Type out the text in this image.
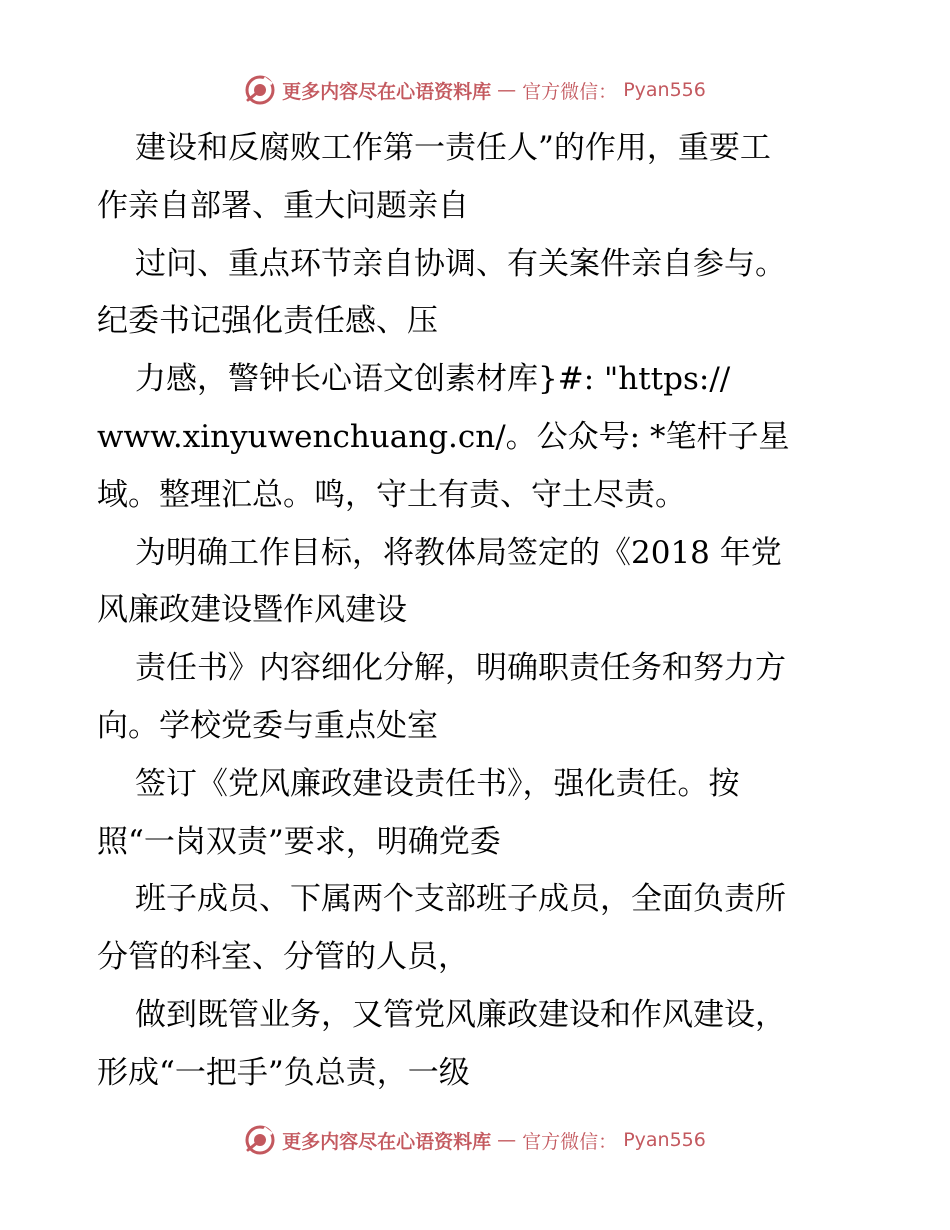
更多内容尽在心语资料库 — 官方微信： Pyan556
建设和反腐败工作第一责任人”的作用，重要工
作亲自部署、重大问题亲自
过问、重点环节亲自协调、有关案件亲自参与。
纪委书记强化责任感、压
力感，警钟长心语文创素材库}#: "https://
www.xinyuwenchuang.cn/。公众号: *笔杆子星
域。整理汇总。鸣，守土有责、守土尽责。
为明确工作目标，将教体局签定的《2018 年党
风廉政建设暨作风建设
责任书》内容细化分解，明确职责任务和努力方
向。学校党委与重点处室
签订《党风廉政建设责任书》，强化责任。按
照“一岗双责”要求，明确党委
班子成员、下属两个支部班子成员，全面负责所
分管的科室、分管的人员，
做到既管业务，又管党风廉政建设和作风建设，
形成“一把手”负总责，一级
更多内容尽在心语资料库 — 官方微信： Pyan556
